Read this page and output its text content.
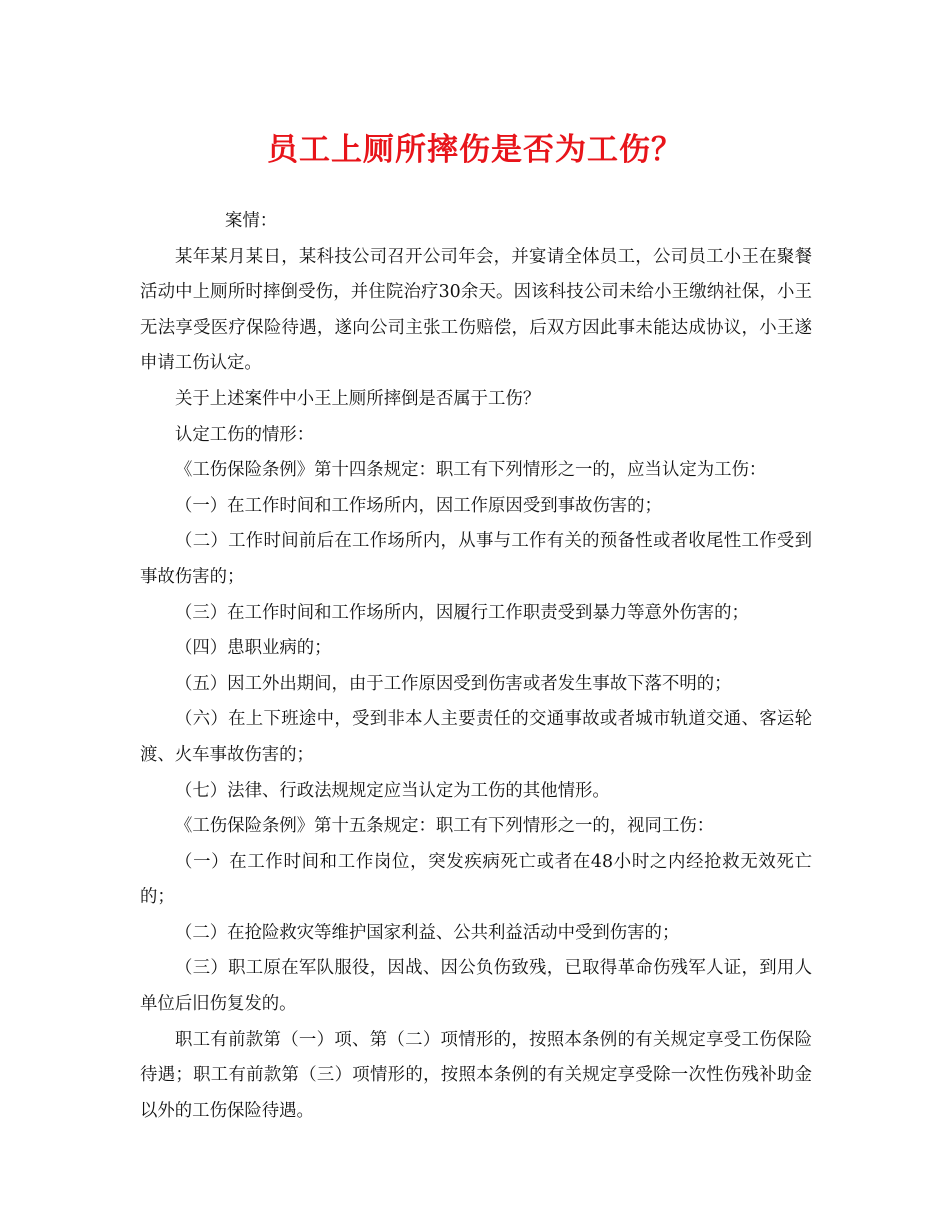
员工上厕所摔伤是否为工伤？

案情：

某年某月某日，某科技公司召开公司年会，并宴请全体员工，公司员工小王在聚餐活动中上厕所时摔倒受伤，并住院治疗30余天。因该科技公司未给小王缴纳社保，小王无法享受医疗保险待遇，遂向公司主张工伤赔偿，后双方因此事未能达成协议，小王遂申请工伤认定。

关于上述案件中小王上厕所摔倒是否属于工伤？

认定工伤的情形：

《工伤保险条例》第十四条规定：职工有下列情形之一的，应当认定为工伤：

（一）在工作时间和工作场所内，因工作原因受到事故伤害的；

（二）工作时间前后在工作场所内，从事与工作有关的预备性或者收尾性工作受到事故伤害的；

（三）在工作时间和工作场所内，因履行工作职责受到暴力等意外伤害的；

（四）患职业病的；

（五）因工外出期间，由于工作原因受到伤害或者发生事故下落不明的；

（六）在上下班途中，受到非本人主要责任的交通事故或者城市轨道交通、客运轮渡、火车事故伤害的；

（七）法律、行政法规规定应当认定为工伤的其他情形。

《工伤保险条例》第十五条规定：职工有下列情形之一的，视同工伤：

（一）在工作时间和工作岗位，突发疾病死亡或者在48小时之内经抢救无效死亡的；

（二）在抢险救灾等维护国家利益、公共利益活动中受到伤害的；

（三）职工原在军队服役，因战、因公负伤致残，已取得革命伤残军人证，到用人单位后旧伤复发的。

职工有前款第（一）项、第（二）项情形的，按照本条例的有关规定享受工伤保险待遇；职工有前款第（三）项情形的，按照本条例的有关规定享受除一次性伤残补助金以外的工伤保险待遇。
